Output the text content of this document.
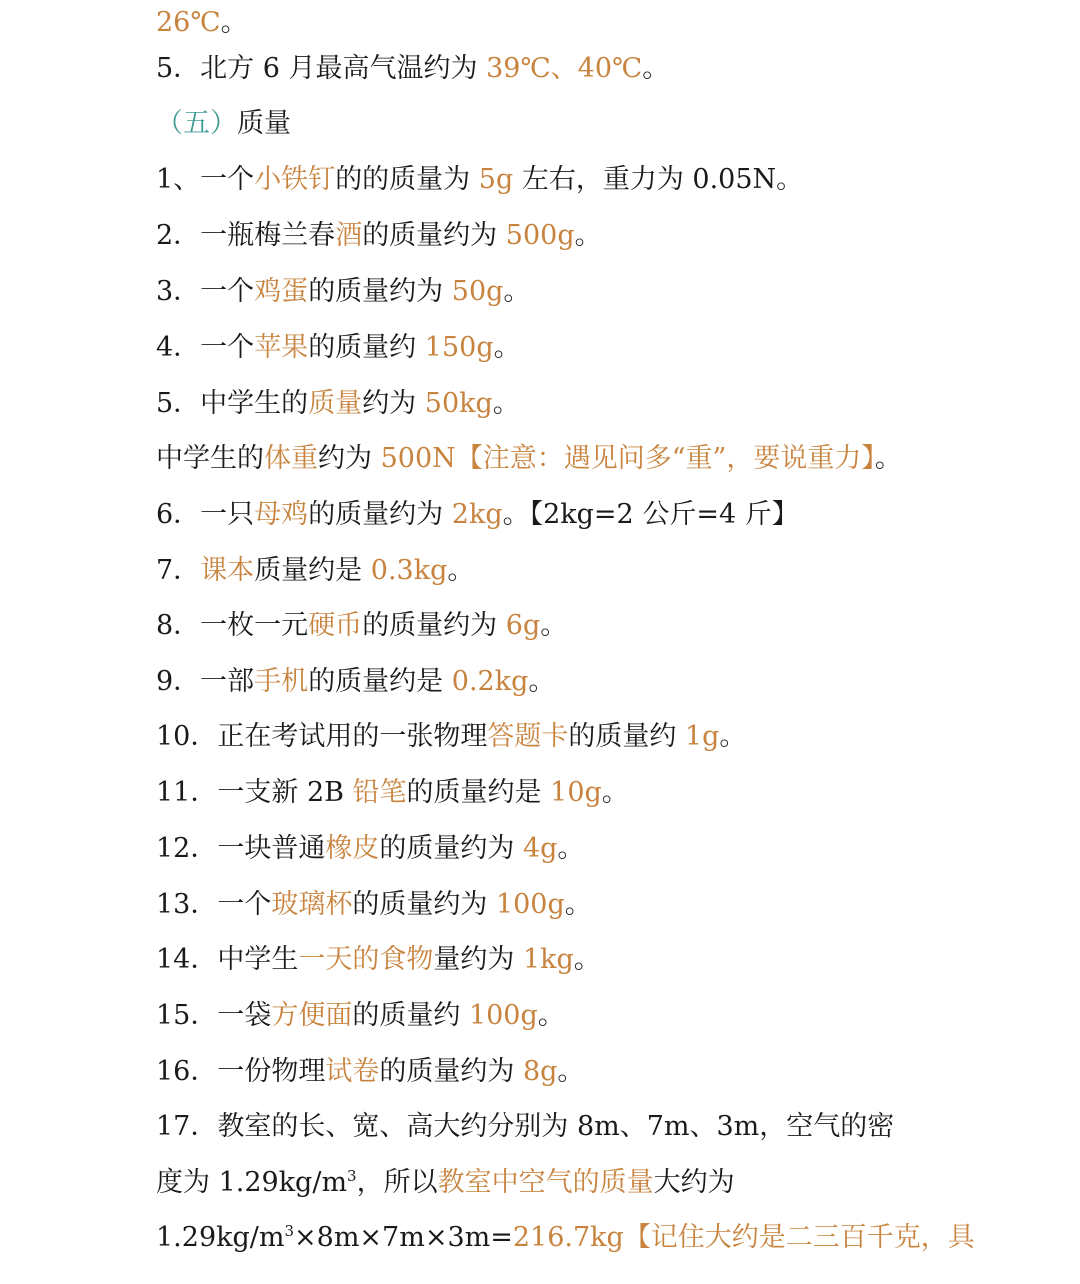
26℃。
5．北方 6 月最高气温约为 39℃、40℃。
（五）质量
1、一个小铁钉的的质量为 5g 左右，重力为 0.05N。
2．一瓶梅兰春酒的质量约为 500g。
3．一个鸡蛋的质量约为 50g。
4．一个苹果的质量约 150g。
5．中学生的质量约为 50kg。
中学生的体重约为 500N【注意：遇见问多“重”，要说重力】。
6．一只母鸡的质量约为 2kg。【2kg=2 公斤=4 斤】
7．课本质量约是 0.3kg。
8．一枚一元硬币的质量约为 6g。
9．一部手机的质量约是 0.2kg。
10．正在考试用的一张物理答题卡的质量约 1g。
11．一支新 2B 铅笔的质量约是 10g。
12．一块普通橡皮的质量约为 4g。
13．一个玻璃杯的质量约为 100g。
14．中学生一天的食物量约为 1kg。
15．一袋方便面的质量约 100g。
16．一份物理试卷的质量约为 8g。
17．教室的长、宽、高大约分别为 8m、7m、3m，空气的密
度为 $1.29kg/m^3$，所以教室中空气的质量大约为
$1.29kg/m^3\times 8m\times 7m\times 3m=216.7kg$【记住大约是二三百千克，具
